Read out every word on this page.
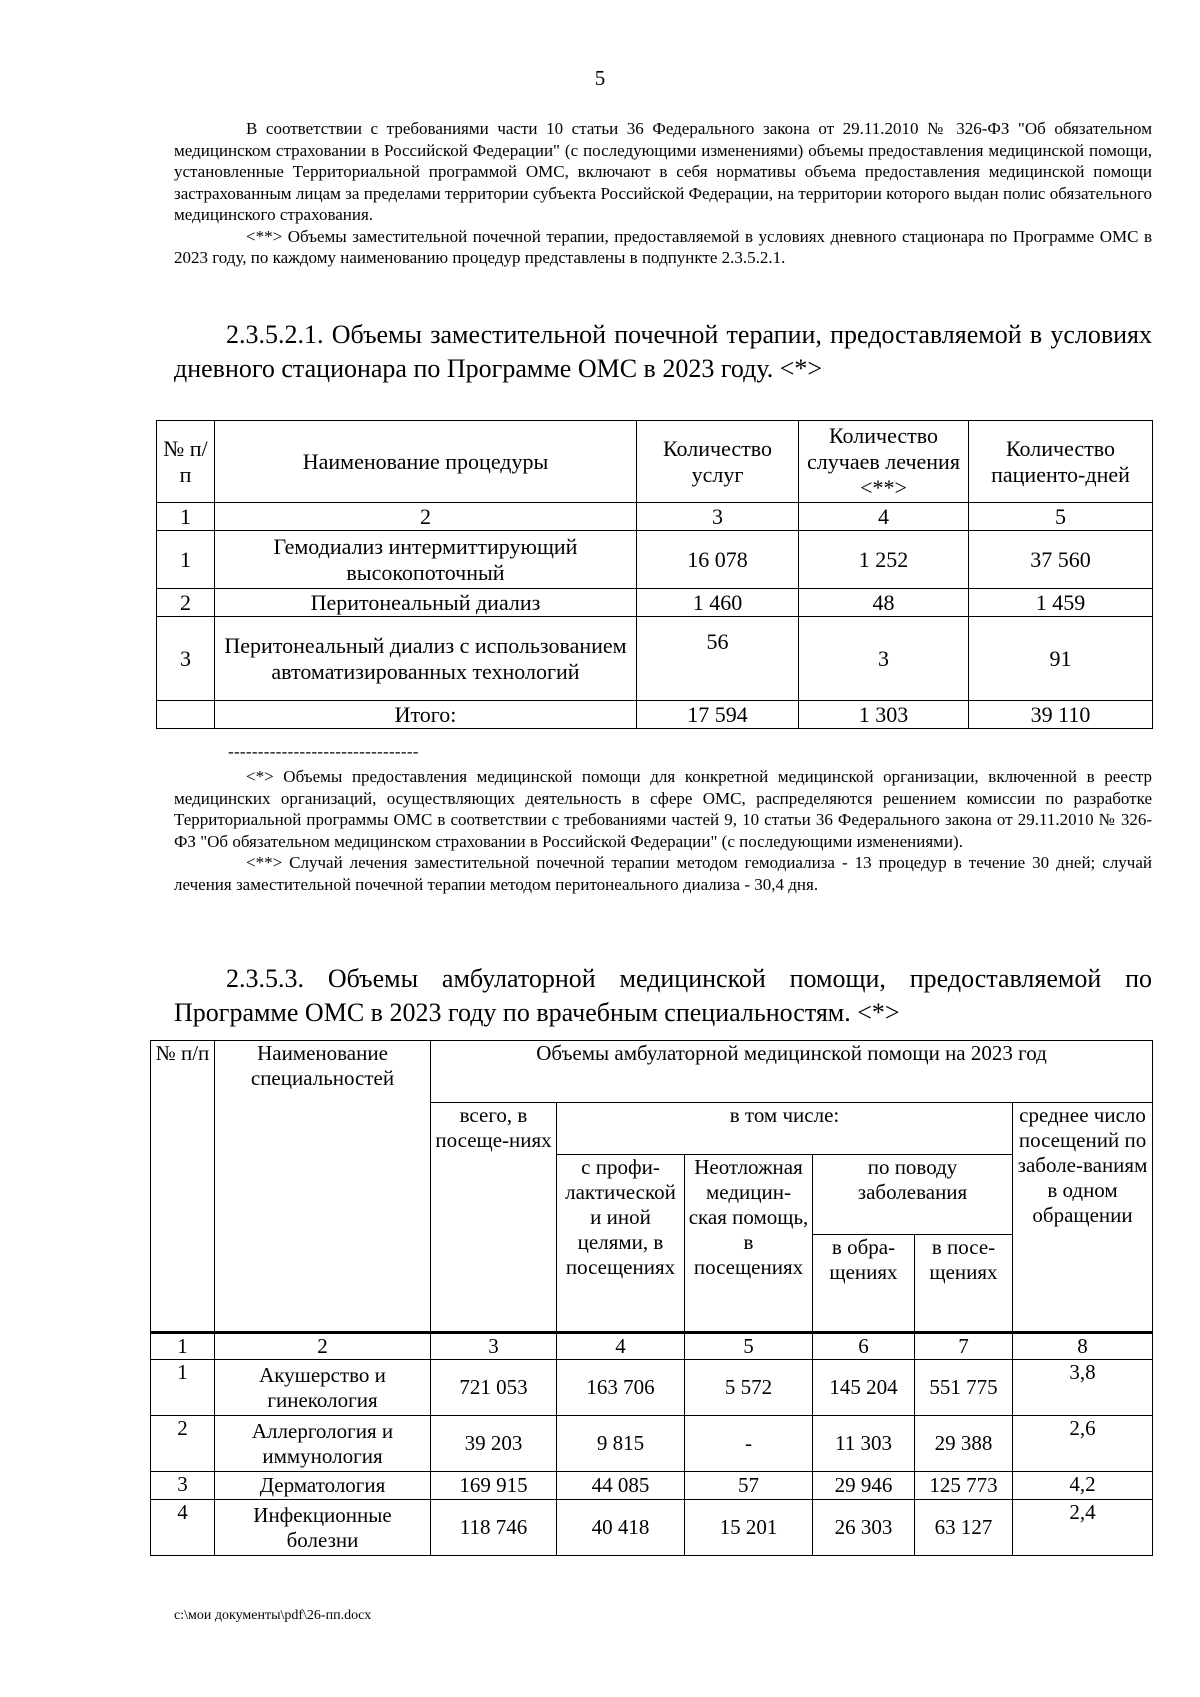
5
В соответствии с требованиями части 10 статьи 36 Федерального закона от 29.11.2010 № 326-ФЗ "Об обязательном медицинском страховании в Российской Федерации" (с последующими изменениями) объемы предоставления медицинской помощи, установленные Территориальной программой ОМС, включают в себя нормативы объема предоставления медицинской помощи застрахованным лицам за пределами территории субъекта Российской Федерации, на территории которого выдан полис обязательного медицинского страхования.
<**> Объемы заместительной почечной терапии, предоставляемой в условиях дневного стационара по Программе ОМС в 2023 году, по каждому наименованию процедур представлены в подпункте 2.3.5.2.1.
2.3.5.2.1. Объемы заместительной почечной терапии, предоставляемой в условиях дневного стационара по Программе ОМС в 2023 году. <*>
№ п/п	Наименование процедуры	Количество услуг	Количество случаев лечения <**>	Количество пациенто-дней
1	2	3	4	5
1	Гемодиализ интермиттирующий высокопоточный	16 078	1 252	37 560
2	Перитонеальный диализ	1 460	48	1 459
3	Перитонеальный диализ с использованием автоматизированных технологий	56	3	91
	Итого:	17 594	1 303	39 110
--------------------------------
<*> Объемы предоставления медицинской помощи для конкретной медицинской организации, включенной в реестр медицинских организаций, осуществляющих деятельность в сфере ОМС, распределяются решением комиссии по разработке Территориальной программы ОМС в соответствии с требованиями частей 9, 10 статьи 36 Федерального закона от 29.11.2010 № 326-ФЗ "Об обязательном медицинском страховании в Российской Федерации" (с последующими изменениями).
<**> Случай лечения заместительной почечной терапии методом гемодиализа - 13 процедур в течение 30 дней; случай лечения заместительной почечной терапии методом перитонеального диализа - 30,4 дня.
2.3.5.3. Объемы амбулаторной медицинской помощи, предоставляемой по Программе ОМС в 2023 году по врачебным специальностям. <*>
№ п/п	Наименование специальностей	Объемы амбулаторной медицинской помощи на 2023 год					
		всего, в посеще-ниях	в том числе:				среднее число посещений по заболе-ваниям в одном обращении
			с профи-лактической и иной целями, в посещениях	Неотложная медицин-ская помощь, в посещениях	по поводу заболевания		
					в обра-щениях	в посе-щениях	
1	2	3	4	5	6	7	8
1	Акушерство и гинекология	721 053	163 706	5 572	145 204	551 775	3,8
2	Аллергология и иммунология	39 203	9 815	-	11 303	29 388	2,6
3	Дерматология	169 915	44 085	57	29 946	125 773	4,2
4	Инфекционные болезни	118 746	40 418	15 201	26 303	63 127	2,4
c:\мои документы\pdf\26-пп.docx
